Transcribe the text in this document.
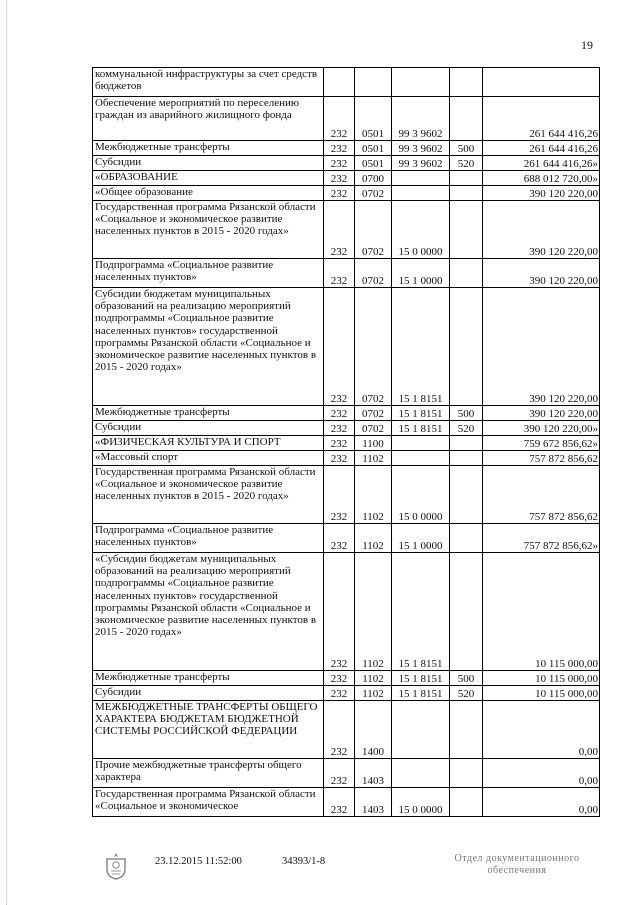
19
коммунальной инфраструктуры за счет средств бюджетов					
Обеспечение мероприятий по переселению граждан из аварийного жилищного фонда	232	0501	99 3 9602		261 644 416,26
Межбюджетные трансферты	232	0501	99 3 9602	500	261 644 416,26
Субсидии	232	0501	99 3 9602	520	261 644 416,26»
«ОБРАЗОВАНИЕ	232	0700			688 012 720,00»
«Общее образование	232	0702			390 120 220,00
Государственная программа Рязанской области «Социальное и экономическое развитие населенных пунктов в 2015 - 2020 годах»	232	0702	15 0 0000		390 120 220,00
Подпрограмма «Социальное развитие населенных пунктов»	232	0702	15 1 0000		390 120 220,00
Субсидии бюджетам муниципальных образований на реализацию мероприятий подпрограммы «Социальное развитие населенных пунктов» государственной программы Рязанской области «Социальное и экономическое развитие населенных пунктов в 2015 - 2020 годах»	232	0702	15 1 8151		390 120 220,00
Межбюджетные трансферты	232	0702	15 1 8151	500	390 120 220,00
Субсидии	232	0702	15 1 8151	520	390 120 220,00»
«ФИЗИЧЕСКАЯ КУЛЬТУРА И СПОРТ	232	1100			759 672 856,62»
«Массовый спорт	232	1102			757 872 856,62
Государственная программа Рязанской области «Социальное и экономическое развитие населенных пунктов в 2015 - 2020 годах»	232	1102	15 0 0000		757 872 856,62
Подпрограмма «Социальное развитие населенных пунктов»	232	1102	15 1 0000		757 872 856,62»
«Субсидии бюджетам муниципальных образований на реализацию мероприятий подпрограммы «Социальное развитие населенных пунктов» государственной программы Рязанской области «Социальное и экономическое развитие населенных пунктов в 2015 - 2020 годах»	232	1102	15 1 8151		10 115 000,00
Межбюджетные трансферты	232	1102	15 1 8151	500	10 115 000,00
Субсидии	232	1102	15 1 8151	520	10 115 000,00
МЕЖБЮДЖЕТНЫЕ ТРАНСФЕРТЫ ОБЩЕГО ХАРАКТЕРА БЮДЖЕТАМ БЮДЖЕТНОЙ СИСТЕМЫ РОССИЙСКОЙ ФЕДЕРАЦИИ	232	1400			0,00
Прочие межбюджетные трансферты общего характера	232	1403			0,00
Государственная программа Рязанской области «Социальное и экономическое	232	1403	15 0 0000		0,00
23.12.2015 11:52:00	34393/1-8	Отдел документационного обеспечения
